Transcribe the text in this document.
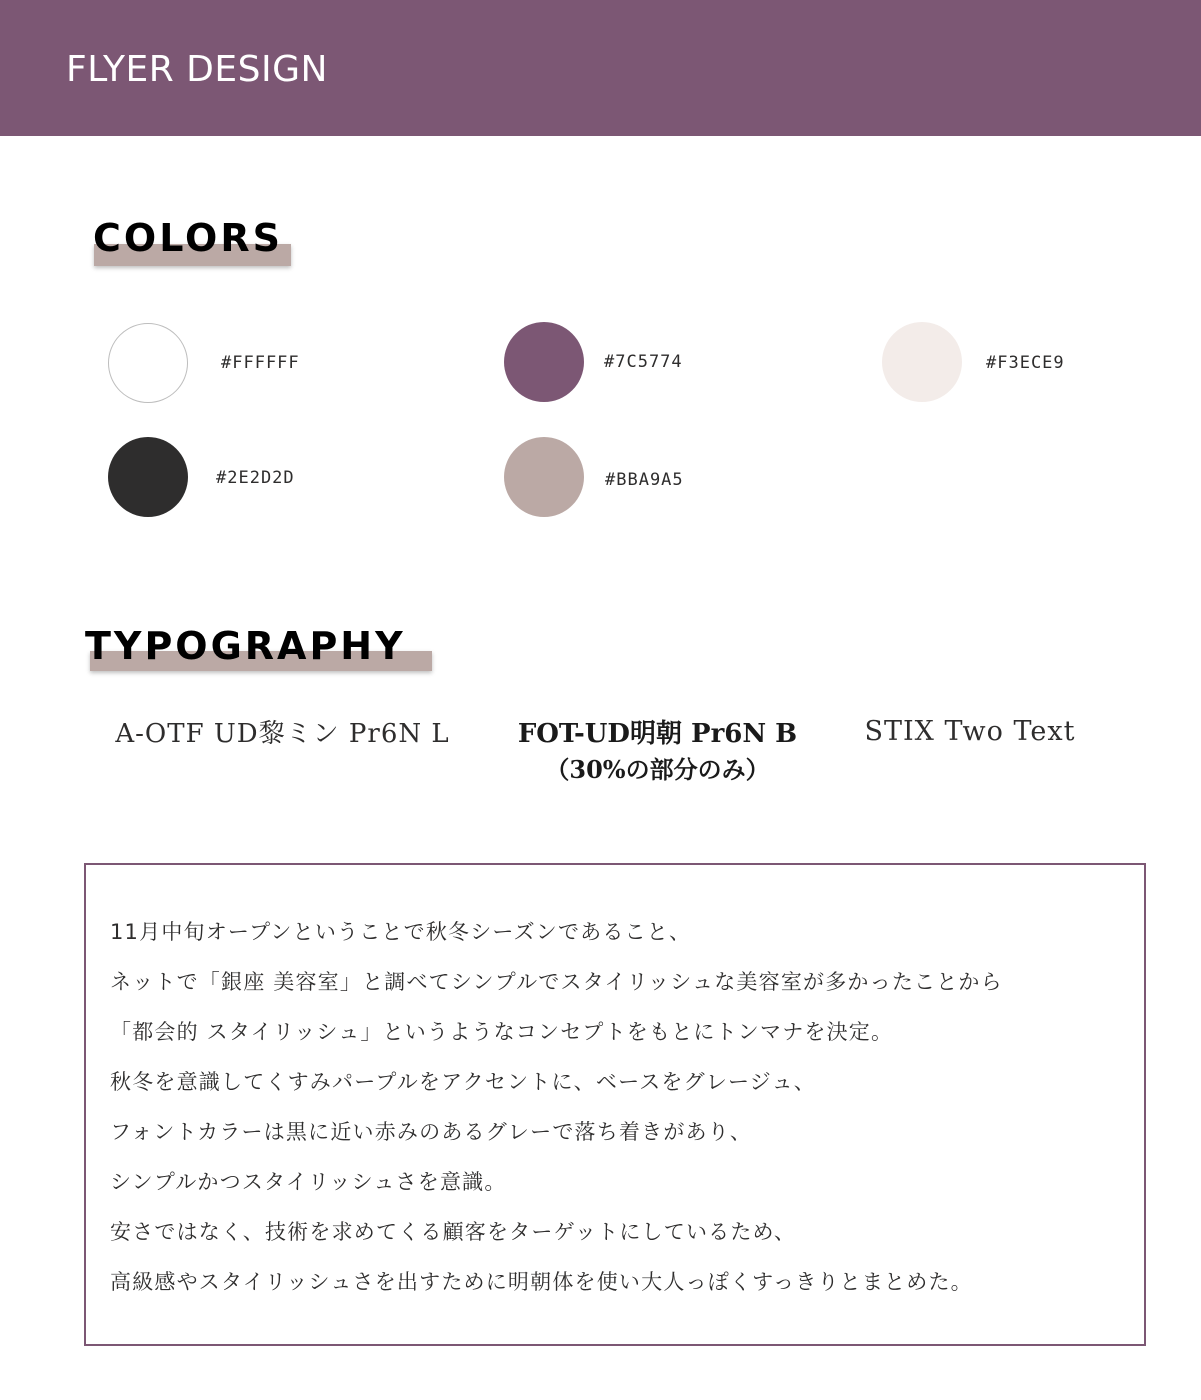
FLYER DESIGN
COLORS
#FFFFFF	#7C5774	#F3ECE9
#2E2D2D	#BBA9A5
TYPOGRAPHY
A-OTF UD黎ミン Pr6N L	FOT-UD明朝 Pr6N B
（30%の部分のみ）
STIX Two Text
11月中旬オープンということで秋冬シーズンであること、
ネットで「銀座 美容室」と調べてシンプルでスタイリッシュな美容室が多かったことから
「都会的 スタイリッシュ」というようなコンセプトをもとにトンマナを決定。
秋冬を意識してくすみパープルをアクセントに、ベースをグレージュ、
フォントカラーは黒に近い赤みのあるグレーで落ち着きがあり、
シンプルかつスタイリッシュさを意識。
安さではなく、技術を求めてくる顧客をターゲットにしているため、
高級感やスタイリッシュさを出すために明朝体を使い大人っぽくすっきりとまとめた。
